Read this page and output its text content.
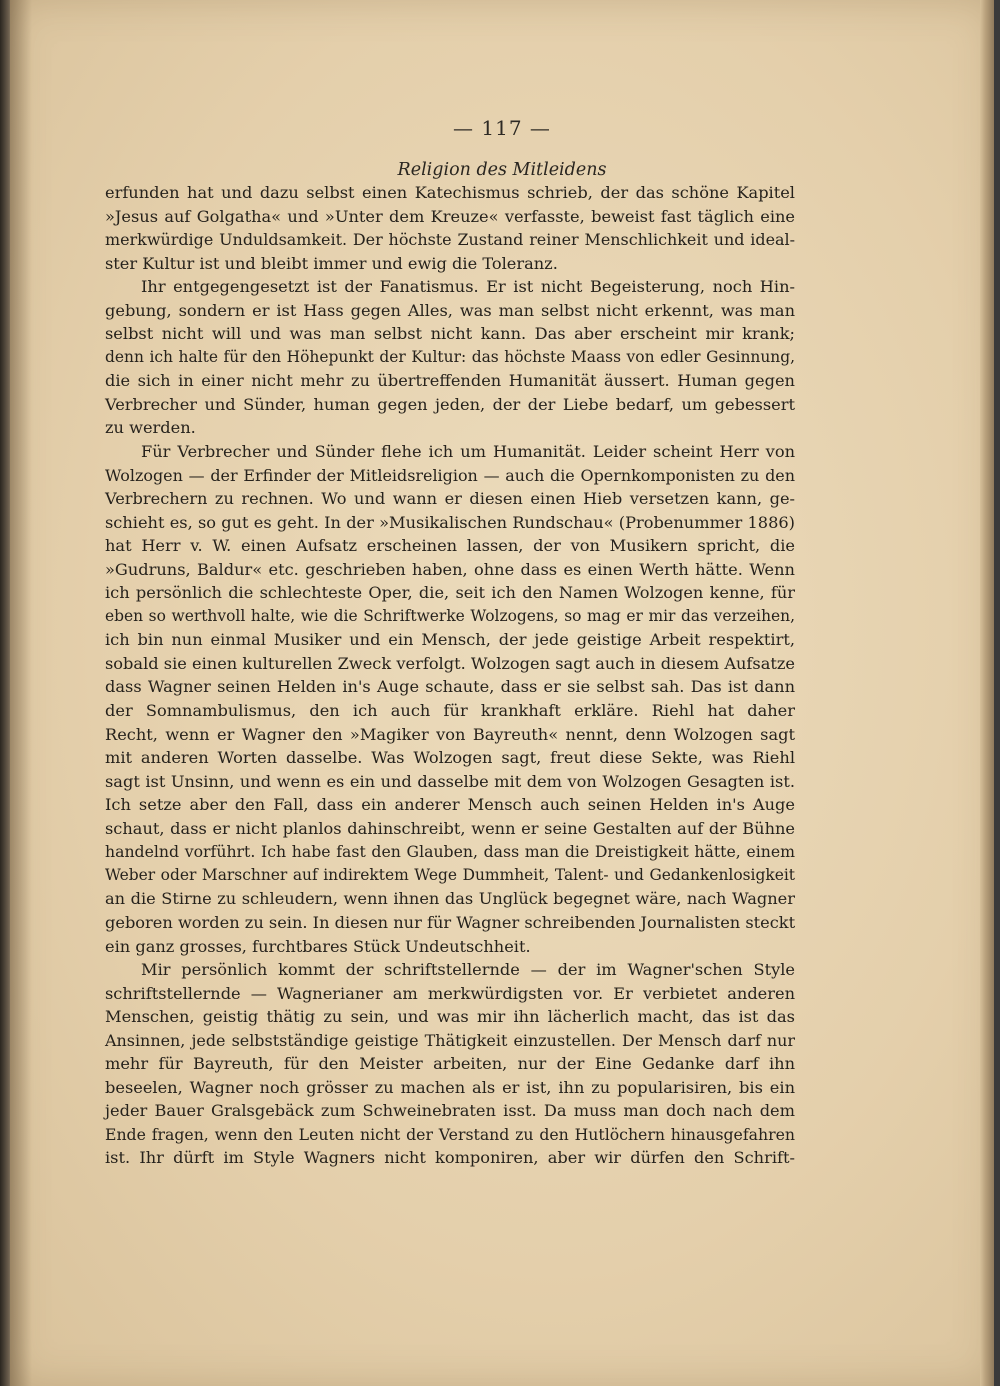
— 117 —
Religion des Mitleidens
erfunden hat und dazu selbst einen Katechismus schrieb, der das schöne Kapitel
»Jesus auf Golgatha« und »Unter dem Kreuze« verfasste, beweist fast täglich eine
merkwürdige Unduldsamkeit. Der höchste Zustand reiner Menschlichkeit und ideal-
ster Kultur ist und bleibt immer und ewig die Toleranz.
Ihr entgegengesetzt ist der Fanatismus. Er ist nicht Begeisterung, noch Hin-
gebung, sondern er ist Hass gegen Alles, was man selbst nicht erkennt, was man
selbst nicht will und was man selbst nicht kann. Das aber erscheint mir krank;
denn ich halte für den Höhepunkt der Kultur: das höchste Maass von edler Gesinnung,
die sich in einer nicht mehr zu übertreffenden Humanität äussert. Human gegen
Verbrecher und Sünder, human gegen jeden, der der Liebe bedarf, um gebessert
zu werden.
Für Verbrecher und Sünder flehe ich um Humanität. Leider scheint Herr von
Wolzogen — der Erfinder der Mitleidsreligion — auch die Opernkomponisten zu den
Verbrechern zu rechnen. Wo und wann er diesen einen Hieb versetzen kann, ge-
schieht es, so gut es geht. In der »Musikalischen Rundschau« (Probenummer 1886)
hat Herr v. W. einen Aufsatz erscheinen lassen, der von Musikern spricht, die
»Gudruns, Baldur« etc. geschrieben haben, ohne dass es einen Werth hätte. Wenn
ich persönlich die schlechteste Oper, die, seit ich den Namen Wolzogen kenne, für
eben so werthvoll halte, wie die Schriftwerke Wolzogens, so mag er mir das verzeihen,
ich bin nun einmal Musiker und ein Mensch, der jede geistige Arbeit respektirt,
sobald sie einen kulturellen Zweck verfolgt. Wolzogen sagt auch in diesem Aufsatze
dass Wagner seinen Helden in's Auge schaute, dass er sie selbst sah. Das ist dann
der Somnambulismus, den ich auch für krankhaft erkläre. Riehl hat daher
Recht, wenn er Wagner den »Magiker von Bayreuth« nennt, denn Wolzogen sagt
mit anderen Worten dasselbe. Was Wolzogen sagt, freut diese Sekte, was Riehl
sagt ist Unsinn, und wenn es ein und dasselbe mit dem von Wolzogen Gesagten ist.
Ich setze aber den Fall, dass ein anderer Mensch auch seinen Helden in's Auge
schaut, dass er nicht planlos dahinschreibt, wenn er seine Gestalten auf der Bühne
handelnd vorführt. Ich habe fast den Glauben, dass man die Dreistigkeit hätte, einem
Weber oder Marschner auf indirektem Wege Dummheit, Talent- und Gedankenlosigkeit
an die Stirne zu schleudern, wenn ihnen das Unglück begegnet wäre, nach Wagner
geboren worden zu sein. In diesen nur für Wagner schreibenden Journalisten steckt
ein ganz grosses, furchtbares Stück Undeutschheit.
Mir persönlich kommt der schriftstellernde — der im Wagner'schen Style
schriftstellernde — Wagnerianer am merkwürdigsten vor. Er verbietet anderen
Menschen, geistig thätig zu sein, und was mir ihn lächerlich macht, das ist das
Ansinnen, jede selbstständige geistige Thätigkeit einzustellen. Der Mensch darf nur
mehr für Bayreuth, für den Meister arbeiten, nur der Eine Gedanke darf ihn
beseelen, Wagner noch grösser zu machen als er ist, ihn zu popularisiren, bis ein
jeder Bauer Gralsgebäck zum Schweinebraten isst. Da muss man doch nach dem
Ende fragen, wenn den Leuten nicht der Verstand zu den Hutlöchern hinausgefahren
ist. Ihr dürft im Style Wagners nicht komponiren, aber wir dürfen den Schrift-
